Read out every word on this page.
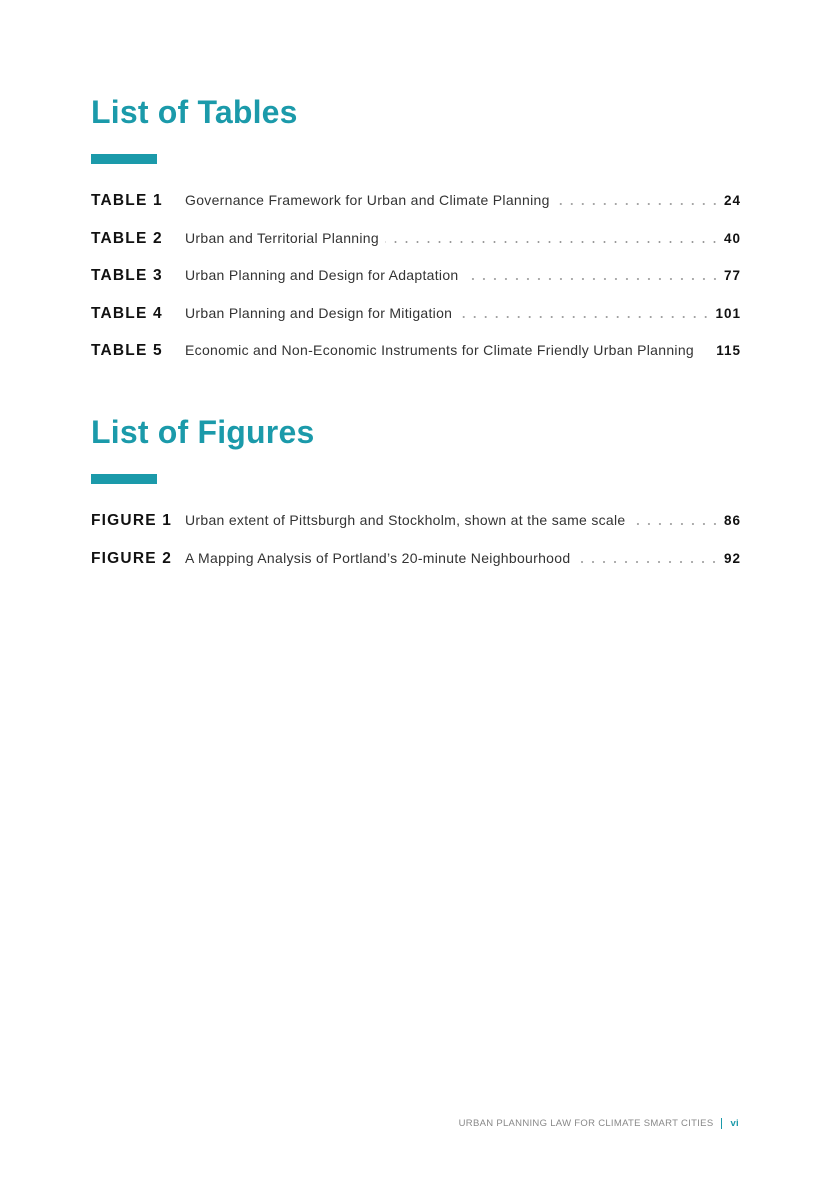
List of Tables
TABLE 1	Governance Framework for Urban and Climate Planning	24
TABLE 2	Urban and Territorial Planning	40
TABLE 3	Urban Planning and Design for Adaptation	77
TABLE 4	Urban Planning and Design for Mitigation	101
TABLE 5	Economic and Non-Economic Instruments for Climate Friendly Urban Planning 115
List of Figures
FIGURE 1 Urban extent of Pittsburgh and Stockholm, shown at the same scale	86
FIGURE 2 A Mapping Analysis of Portland’s 20-minute Neighbourhood	92
URBAN PLANNING LAW FOR CLIMATE SMART CITIES vi
